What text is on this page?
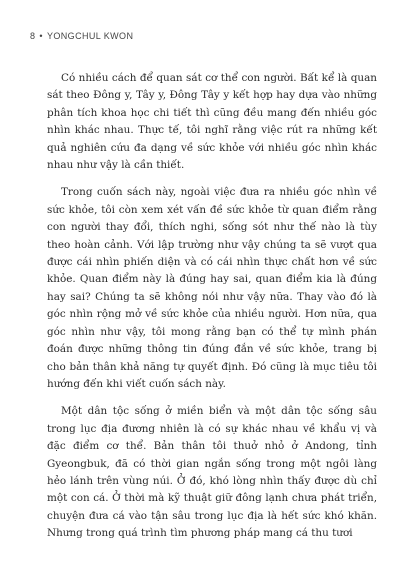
8 • YONGCHUL KWON

Có nhiều cách để quan sát cơ thể con người. Bất kể là quan sát theo Đông y, Tây y, Đông Tây y kết hợp hay dựa vào những phân tích khoa học chi tiết thì cũng đều mang đến nhiều góc nhìn khác nhau. Thực tế, tôi nghĩ rằng việc rút ra những kết quả nghiên cứu đa dạng về sức khỏe với nhiều góc nhìn khác nhau như vậy là cần thiết.

Trong cuốn sách này, ngoài việc đưa ra nhiều góc nhìn về sức khỏe, tôi còn xem xét vấn đề sức khỏe từ quan điểm rằng con người thay đổi, thích nghi, sống sót như thế nào là tùy theo hoàn cảnh. Với lập trường như vậy chúng ta sẽ vượt qua được cái nhìn phiến diện và có cái nhìn thực chất hơn về sức khỏe. Quan điểm này là đúng hay sai, quan điểm kia là đúng hay sai? Chúng ta sẽ không nói như vậy nữa. Thay vào đó là góc nhìn rộng mở về sức khỏe của nhiều người. Hơn nữa, qua góc nhìn như vậy, tôi mong rằng bạn có thể tự mình phán đoán được những thông tin đúng đắn về sức khỏe, trang bị cho bản thân khả năng tự quyết định. Đó cũng là mục tiêu tôi hướng đến khi viết cuốn sách này.

Một dân tộc sống ở miền biển và một dân tộc sống sâu trong lục địa đương nhiên là có sự khác nhau về khẩu vị và đặc điểm cơ thể. Bản thân tôi thuở nhỏ ở Andong, tỉnh Gyeongbuk, đã có thời gian ngắn sống trong một ngôi làng hẻo lánh trên vùng núi. Ở đó, khó lòng nhìn thấy được dù chỉ một con cá. Ở thời mà kỹ thuật giữ đông lạnh chưa phát triển, chuyện đưa cá vào tận sâu trong lục địa là hết sức khó khăn. Nhưng trong quá trình tìm phương pháp mang cá thu tươi
